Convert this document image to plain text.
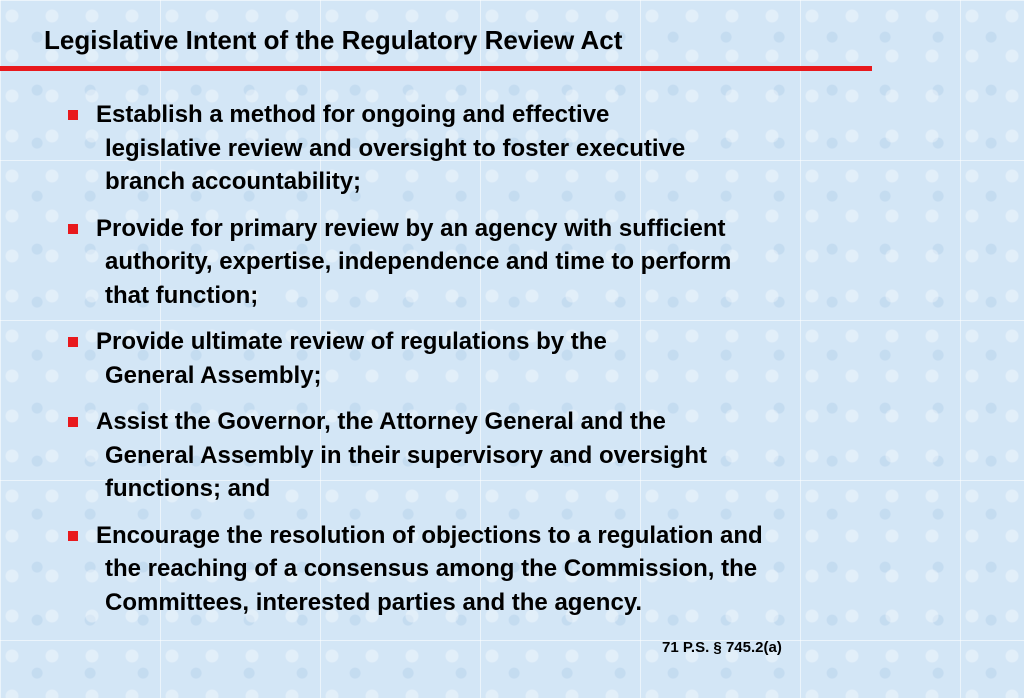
Legislative Intent of the Regulatory Review Act
Establish a method for ongoing and effective
legislative review and oversight to foster executive
branch accountability;
Provide for primary review by an agency with sufficient
authority, expertise, independence and time to perform
that function;
Provide ultimate review of regulations by the
General Assembly;
Assist the Governor, the Attorney General and the
General Assembly in their supervisory and oversight
functions; and
Encourage the resolution of objections to a regulation and
the reaching of a consensus among the Commission, the
Committees, interested parties and the agency.
71 P.S. § 745.2(a)
